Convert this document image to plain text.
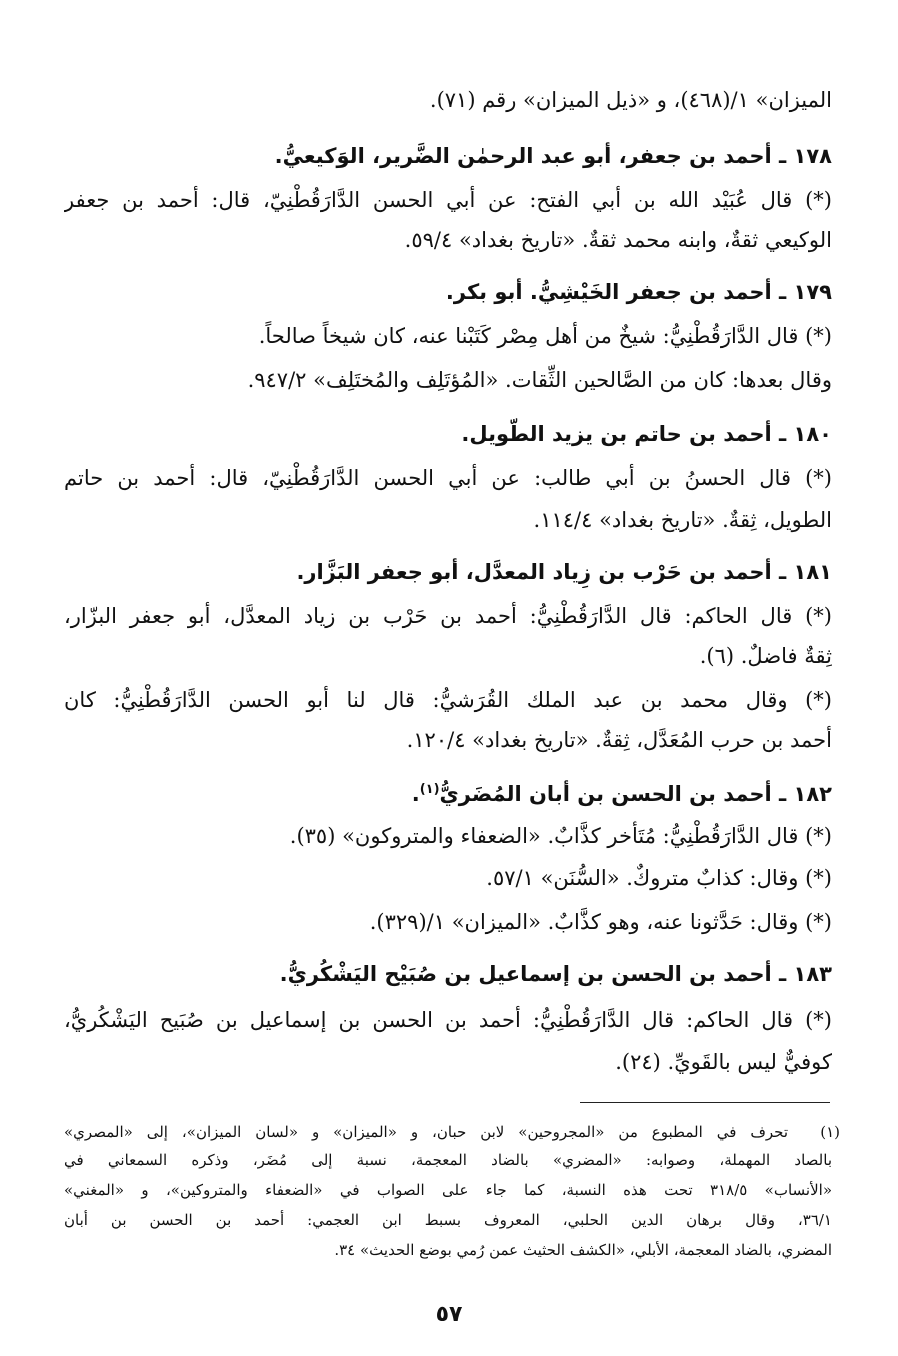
الميزان» ١/(٤٦٨)، و «ذيل الميزان» رقم (٧١).
١٧٨ ـ أحمد بن جعفر، أبو عبد الرحمٰن الضَّرير، الوَكيعيُّ.
(*) قال عُبَيْد الله بن أبي الفتح: عن أبي الحسن الدَّارَقُطْنِيّ، قال: أحمد بن جعفر
الوكيعي ثقةٌ، وابنه محمد ثقةٌ. «تاريخ بغداد» ٥٩/٤.
١٧٩ ـ أحمد بن جعفر الخَيْشِيُّ. أبو بكر.
(*) قال الدَّارَقُطْنِيُّ: شيخٌ من أهل مِصْر كَتَبْنا عنه، كان شيخاً صالحاً.
وقال بعدها: كان من الصَّالحين الثِّقات. «المُؤتَلِف والمُختَلِف» ٩٤٧/٢.
١٨٠ ـ أحمد بن حاتم بن يزيد الطَّويل.
(*) قال الحسنُ بن أبي طالب: عن أبي الحسن الدَّارَقُطْنِيّ، قال: أحمد بن حاتم
الطويل، ثِقةٌ. «تاريخ بغداد» ١١٤/٤.
١٨١ ـ أحمد بن حَرْب بن زِياد المعدَّل، أبو جعفر البَزَّار.
(*) قال الحاكم: قال الدَّارَقُطْنِيُّ: أحمد بن حَرْب بن زياد المعدَّل، أبو جعفر البزّار،
ثِقةٌ فاضلٌ. (٦).
(*) وقال محمد بن عبد الملك القُرَشيُّ: قال لنا أبو الحسن الدَّارَقُطْنِيُّ: كان
أحمد بن حرب المُعَدَّل، ثِقةٌ. «تاريخ بغداد» ١٢٠/٤.
١٨٢ ـ أحمد بن الحسن بن أبان المُضَريُّ$^{(١)}$.
(*) قال الدَّارَقُطْنِيُّ: مُتَأخر كذَّابٌ. «الضعفاء والمتروكون» (٣٥).
(*) وقال: كذابٌ متروكٌ. «السُّنَن» ٥٧/١.
(*) وقال: حَدَّثونا عنه، وهو كذَّابٌ. «الميزان» ١/(٣٢٩).
١٨٣ ـ أحمد بن الحسن بن إسماعيل بن صُبَيْح اليَشْكُريُّ.
(*) قال الحاكم: قال الدَّارَقُطْنِيُّ: أحمد بن الحسن بن إسماعيل بن صُبَيح اليَشْكُريُّ،
كوفيٌّ ليس بالقَويِّ. (٢٤).
تحرف في المطبوع من «المجروحين» لابن حبان، و «الميزان» و «لسان الميزان»، إلى «المصري» (١)
بالصاد المهملة، وصوابه: «المضري» بالضاد المعجمة، نسبة إلى مُضَر، وذكره السمعاني في
«الأنساب» ٣١٨/٥ تحت هذه النسبة، كما جاء على الصواب في «الضعفاء والمتروكين»، و «المغني»
٣٦/١، وقال برهان الدين الحلبي، المعروف بسبط ابن العجمي: أحمد بن الحسن بن أبان
المضري، بالضاد المعجمة، الأبلي، «الكشف الحثيث عمن رُمي بوضع الحديث» ٣٤.
٥٧
